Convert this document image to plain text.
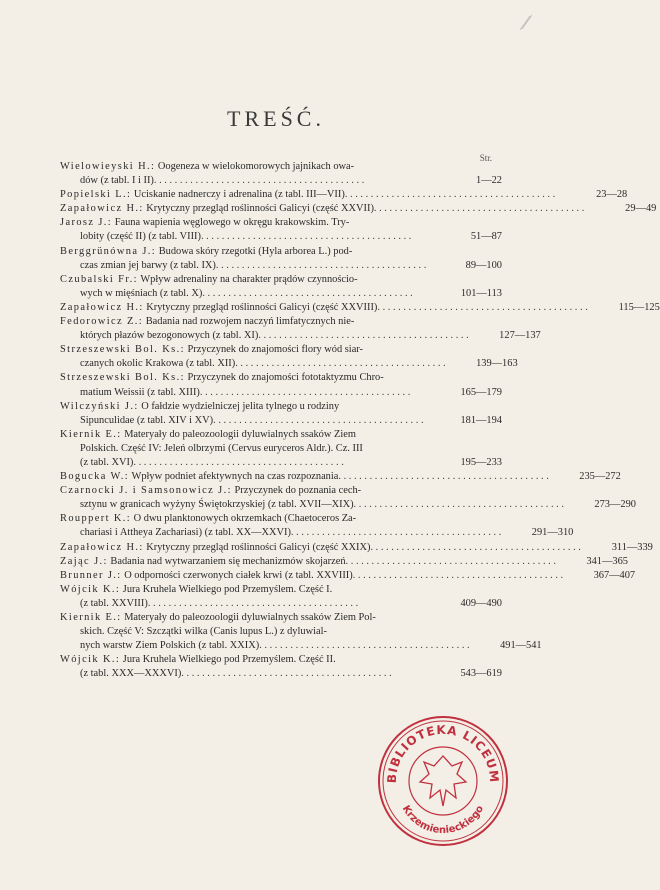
TREŚĆ.
Str.
Wielowieyski H.: Oogeneza w wielokomorowych jajnikach owa-
dów (z tabl. I i II) . . .	1—22
Popielski L.: Uciskanie nadnerczy i adrenalina (z tabl. III—VII) . . .	23—28
Zapałowicz H.: Krytyczny przegląd roślinności Galicyi (część XXVII) . . .	29—49
Jarosz J.: Fauna wapienia węglowego w okręgu krakowskim. Try-
lobity (część II) (z tabl. VIII) . . .	51—87
Berggrünówna J.: Budowa skóry rzegotki (Hyla arborea L.) pod-
czas zmian jej barwy (z tabl. IX) . . .	89—100
Czubalski Fr.: Wpływ adrenaliny na charakter prądów czynnościo-
wych w mięśniach (z tabl. X) . . .	101—113
Zapałowicz H.: Krytyczny przegląd roślinności Galicyi (część XXVIII) . . .	115—125
Fedorowicz Z.: Badania nad rozwojem naczyń limfatycznych nie-
których płazów bezogonowych (z tabl. XI) . . .	127—137
Strzeszewski Bol. Ks.: Przyczynek do znajomości flory wód siar-
czanych okolic Krakowa (z tabl. XII) . . .	139—163
Strzeszewski Bol. Ks.: Przyczynek do znajomości fototaktyzmu Chro-
matium Weissii (z tabl. XIII) . . .	165—179
Wilczyński J.: O fałdzie wydzielniczej jelita tylnego u rodziny
Sipunculidae (z tabl. XIV i XV) . . .	181—194
Kiernik E.: Materyały do paleozoologii dyluwialnych ssaków Ziem
Polskich. Część IV: Jeleń olbrzymi (Cervus euryceros Aldr.). Cz. III
(z tabl. XVI) . . .	195—233
Bogucka W.: Wpływ podniet afektywnych na czas rozpoznania . . .	235—272
Czarnocki J. i Samsonowicz J.: Przyczynek do poznania cech-
sztynu w granicach wyżyny Świętokrzyskiej (z tabl. XVII—XIX) . . .	273—290
Rouppert K.: O dwu planktonowych okrzemkach (Chaetoceros Za-
chariasi i Attheya Zachariasi) (z tabl. XX—XXVI) . . .	291—310
Zapałowicz H.: Krytyczny przegląd roślinności Galicyi (część XXIX) . . .	311—339
Zając J.: Badania nad wytwarzaniem się mechanizmów skojarzeń . . .	341—365
Brunner J.: O odporności czerwonych ciałek krwi (z tabl. XXVIII) . . .	367—407
Wójcik K.: Jura Kruhela Wielkiego pod Przemyślem. Część I.
(z tabl. XXVIII) . . .	409—490
Kiernik E.: Materyały do paleozoologii dyluwialnych ssaków Ziem Pol-
skich. Część V: Szczątki wilka (Canis lupus L.) z dyluwial-
nych warstw Ziem Polskich (z tabl. XXIX) . . .	491—541
Wójcik K.: Jura Kruhela Wielkiego pod Przemyślem. Część II.
(z tabl. XXX—XXXVI) . . .	543—619
BIBLIOTEKA LICEUM
Krzemienieckiego
